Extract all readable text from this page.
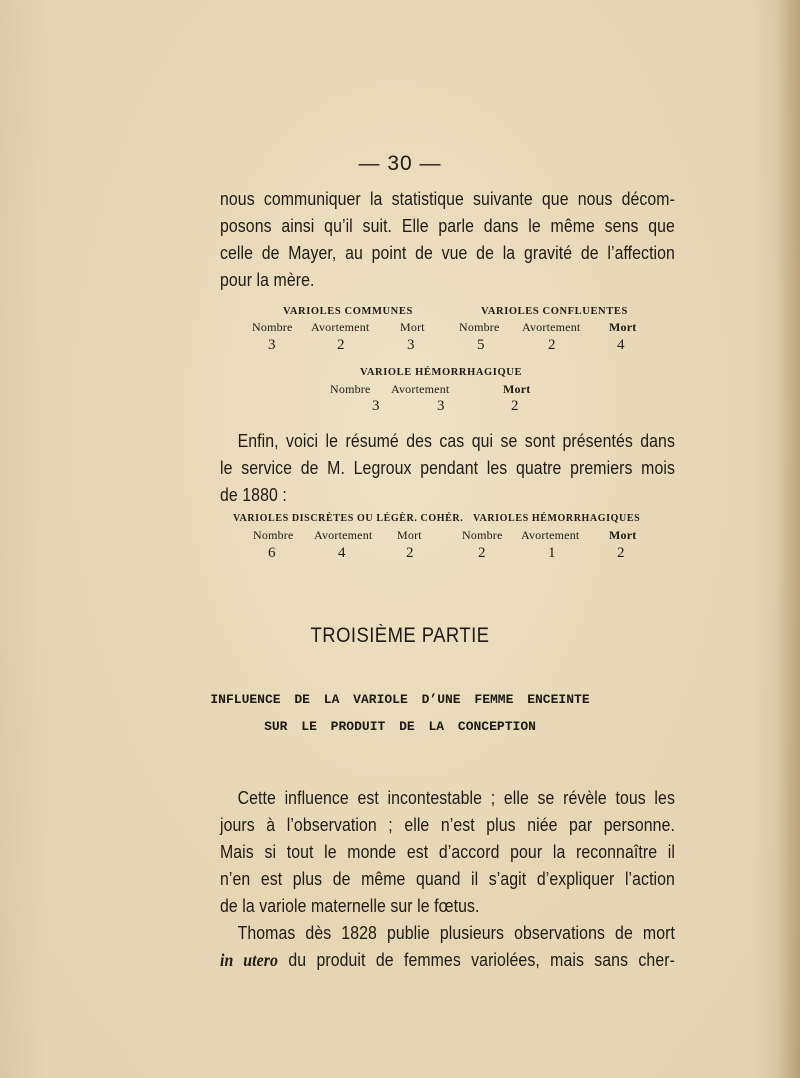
— 30 —
nous communiquer la statistique suivante que nous décom-
posons ainsi qu’il suit. Elle parle dans le même sens que
celle de Mayer, au point de vue de la gravité de l’affection
pour la mère.
VARIOLES COMMUNES
Nombre Avortement	Mort
3	2	3
VARIOLES CONFLUENTES
Nombre Avortement Mort
5	2	4
VARIOLE HÉMORRHAGIQUE
Nombre Avortement	Mort
3	3	2
Enfin, voici le résumé des cas qui se sont présentés dans
le service de M. Legroux pendant les quatre premiers mois
de 1880 :
VARIOLES DISCRÈTES OU LÉGÈR. COHÉR.
Nombre Avortement Mort
6	4	2
VARIOLES HÉMORRHAGIQUES
Nombre Avortement Mort
2	1	2
TROISIÈME PARTIE
INFLUENCE DE LA VARIOLE D’UNE FEMME ENCEINTE
SUR LE PRODUIT DE LA CONCEPTION
Cette influence est incontestable ; elle se révèle tous les
jours à l’observation ; elle n’est plus niée par personne.
Mais si tout le monde est d’accord pour la reconnaître il
n’en est plus de même quand il s’agit d’expliquer l’action
de la variole maternelle sur le fœtus.
Thomas dès 1828 publie plusieurs observations de mort
in utero du produit de femmes variolées, mais sans cher-
